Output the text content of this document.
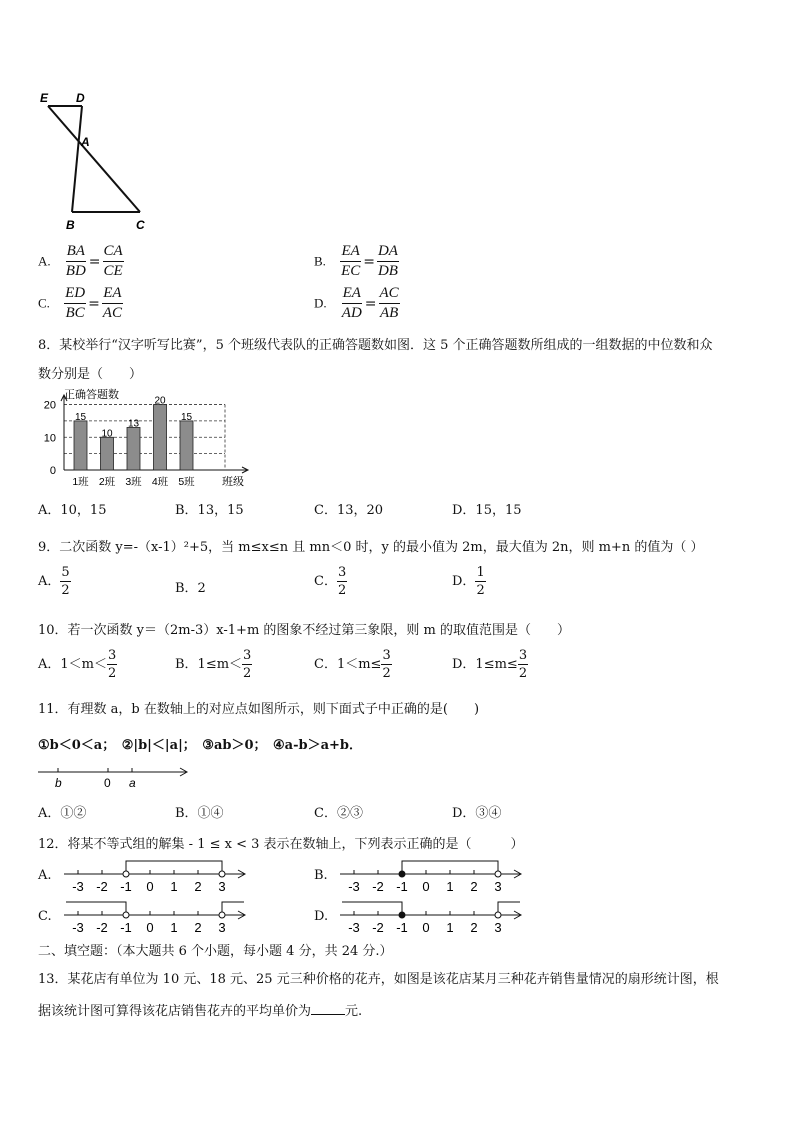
E D
A
B	C
A. $\frac{BA}{BD} = \frac{CA}{CE}$	B. $\frac{EA}{EC} = \frac{DA}{DB}$
C. $\frac{ED}{BC} = \frac{EA}{AC}$	D. $\frac{EA}{AD} = \frac{AC}{AB}$
8．某校举行“汉字听写比赛”，5 个班级代表队的正确答题数如图．这 5 个正确答题数所组成的一组数据的中位数和众
数分别是（　　）
正确答题数
0
10
20
15
1班
10
2班
13
3班
20
4班
15
5班 班级
A．10，15	B．13，15	C．13，20	D．15，15
9．二次函数 y=-（x-1）²+5，当 m≤x≤n 且 mn＜0 时，y 的最小值为 2m，最大值为 2n，则 m+n 的值为（ ）
A． $\frac{5}{2}$	B．2	C． $\frac{3}{2}$	D． $\frac{1}{2}$
10．若一次函数 y＝（2m-3）x-1+m 的图象不经过第三象限，则 m 的取值范围是（　　）
A．$1<m< \frac{3}{2}$	B．$1\le m< \frac{3}{2}$	C．$1<m\le \frac{3}{2}$	D．$1\le m\le \frac{3}{2}$
11．有理数 a，b 在数轴上的对应点如图所示，则下面式子中正确的是(　　)
①b＜0＜a；　②|b|＜|a|；　③ab＞0；　④a-b＞a+b．
b	0 a
A．①②	B．①④	C．②③	D．③④
12．将某不等式组的解集 - 1 ≤ x < 3 表示在数轴上，下列表示正确的是（　　　）
A.
-3 -2 -1 0 1 2 3
B.
-3 -2 -1 0 1 2 3
C.
-3 -2 -1 0 1 2 3
D.
-3 -2 -1 0 1 2 3
二、填空题：（本大题共 6 个小题，每小题 4 分，共 24 分.）
13．某花店有单位为 10 元、18 元、25 元三种价格的花卉，如图是该花店某月三种花卉销售量情况的扇形统计图，根
据该统计图可算得该花店销售花卉的平均单价为	元.
